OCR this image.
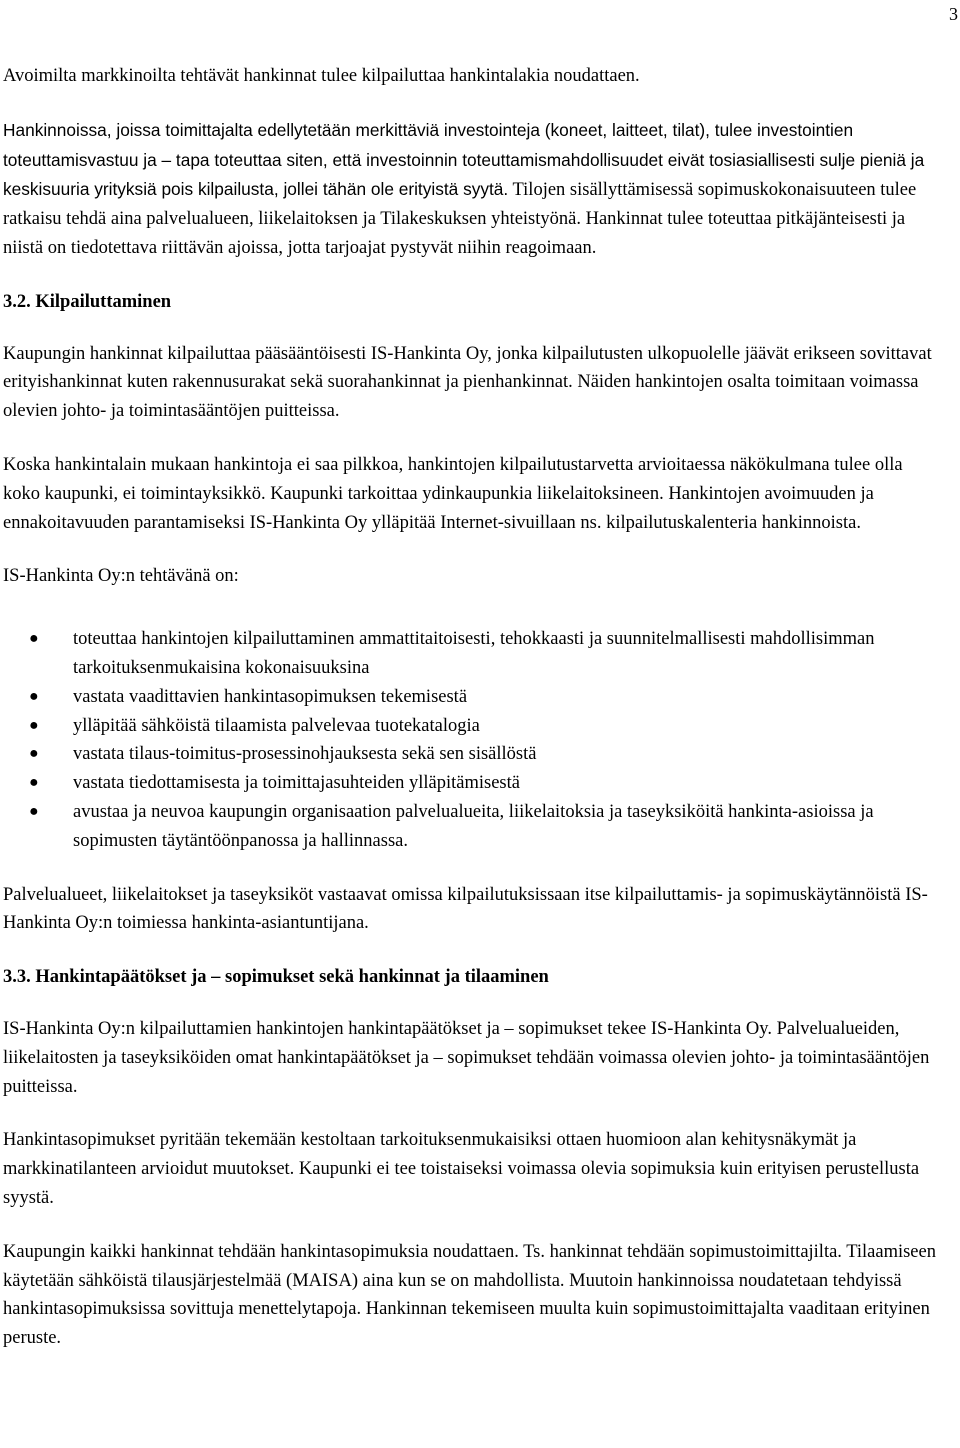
3

Avoimilta markkinoilta tehtävät hankinnat tulee kilpailuttaa hankintalakia noudattaen.

Hankinnoissa, joissa toimittajalta edellytetään merkittäviä investointeja (koneet, laitteet, tilat), tulee investointien toteuttamisvastuu ja – tapa toteuttaa siten, että investoinnin toteuttamismahdollisuudet eivät tosiasiallisesti sulje pieniä ja keskisuuria yrityksiä pois kilpailusta, jollei tähän ole erityistä syytä. Tilojen sisällyttämisessä sopimuskokonaisuuteen tulee ratkaisu tehdä aina palvelualueen, liikelaitoksen ja Tilakeskuksen yhteistyönä. Hankinnat tulee toteuttaa pitkäjänteisesti ja niistä on tiedotettava riittävän ajoissa, jotta tarjoajat pystyvät niihin reagoimaan.

3.2. Kilpailuttaminen

Kaupungin hankinnat kilpailuttaa pääsääntöisesti IS-Hankinta Oy, jonka kilpailutusten ulkopuolelle jäävät erikseen sovittavat erityishankinnat kuten rakennusurakat sekä suorahankinnat ja pienhankinnat. Näiden hankintojen osalta toimitaan voimassa olevien johto- ja toimintasääntöjen puitteissa.

Koska hankintalain mukaan hankintoja ei saa pilkkoa, hankintojen kilpailutustarvetta arvioitaessa näkökulmana tulee olla koko kaupunki, ei toimintayksikkö. Kaupunki tarkoittaa ydinkaupunkia liikelaitoksineen. Hankintojen avoimuuden ja ennakoitavuuden parantamiseksi IS-Hankinta Oy ylläpitää Internet-sivuillaan ns. kilpailutuskalenteria hankinnoista.

IS-Hankinta Oy:n tehtävänä on:

● toteuttaa hankintojen kilpailuttaminen ammattitaitoisesti, tehokkaasti ja suunnitelmallisesti mahdollisimman tarkoituksenmukaisina kokonaisuuksina
● vastata vaadittavien hankintasopimuksen tekemisestä
● ylläpitää sähköistä tilaamista palvelevaa tuotekatalogia
● vastata tilaus-toimitus-prosessinohjauksesta sekä sen sisällöstä
● vastata tiedottamisesta ja toimittajasuhteiden ylläpitämisestä
● avustaa ja neuvoa kaupungin organisaation palvelualueita, liikelaitoksia ja taseyksiköitä hankinta-asioissa ja sopimusten täytäntöönpanossa ja hallinnassa.

Palvelualueet, liikelaitokset ja taseyksiköt vastaavat omissa kilpailutuksissaan itse kilpailuttamis- ja sopimuskäytännöistä IS-Hankinta Oy:n toimiessa hankinta-asiantuntijana.

3.3. Hankintapäätökset ja – sopimukset sekä hankinnat ja tilaaminen

IS-Hankinta Oy:n kilpailuttamien hankintojen hankintapäätökset ja – sopimukset tekee IS-Hankinta Oy. Palvelualueiden, liikelaitosten ja taseyksiköiden omat hankintapäätökset ja – sopimukset tehdään voimassa olevien johto- ja toimintasääntöjen puitteissa.

Hankintasopimukset pyritään tekemään kestoltaan tarkoituksenmukaisiksi ottaen huomioon alan kehitysnäkymät ja markkinatilanteen arvioidut muutokset. Kaupunki ei tee toistaiseksi voimassa olevia sopimuksia kuin erityisen perustellusta syystä.

Kaupungin kaikki hankinnat tehdään hankintasopimuksia noudattaen. Ts. hankinnat tehdään sopimustoimittajilta. Tilaamiseen käytetään sähköistä tilausjärjestelmää (MAISA) aina kun se on mahdollista. Muutoin hankinnoissa noudatetaan tehdyissä hankintasopimuksissa sovittuja menettelytapoja. Hankinnan tekemiseen muulta kuin sopimustoimittajalta vaaditaan erityinen peruste.
